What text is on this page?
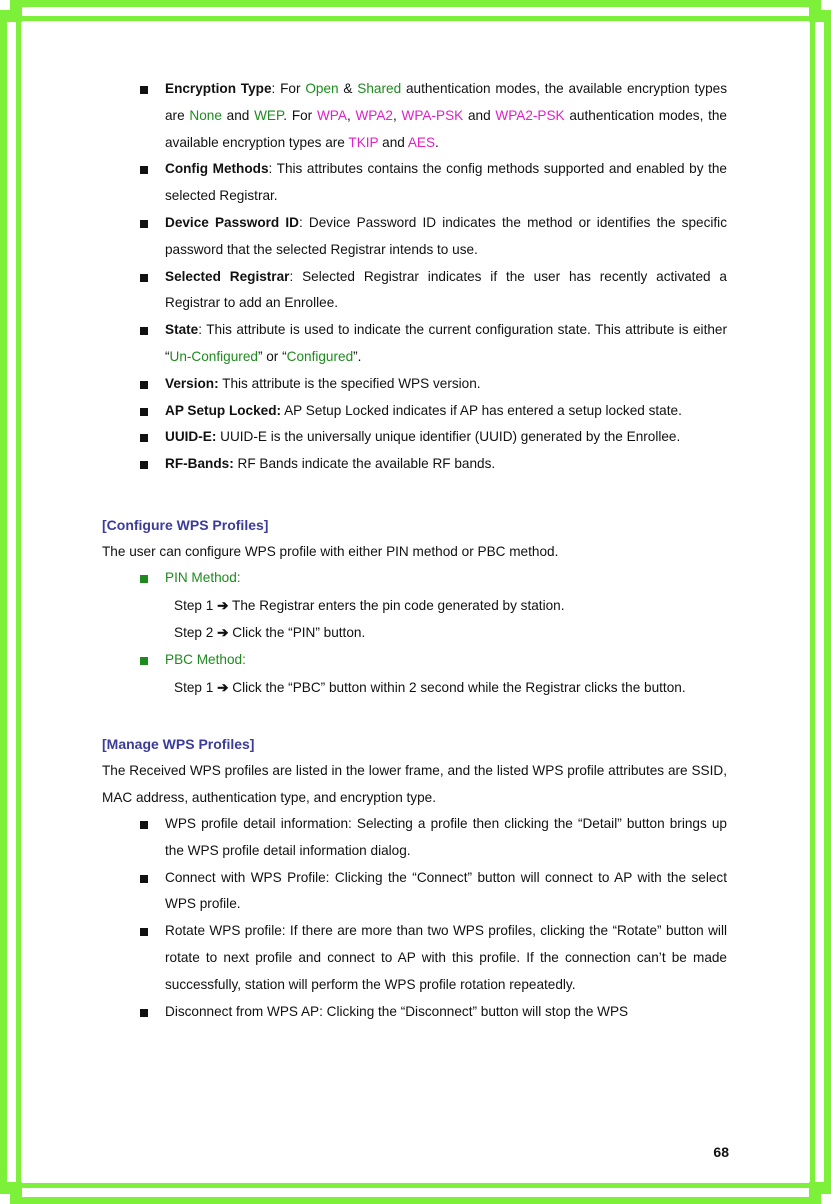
Encryption Type: For Open & Shared authentication modes, the available encryption types are None and WEP. For WPA, WPA2, WPA-PSK and WPA2-PSK authentication modes, the available encryption types are TKIP and AES.
Config Methods: This attributes contains the config methods supported and enabled by the selected Registrar.
Device Password ID: Device Password ID indicates the method or identifies the specific password that the selected Registrar intends to use.
Selected Registrar: Selected Registrar indicates if the user has recently activated a Registrar to add an Enrollee.
State: This attribute is used to indicate the current configuration state. This attribute is either “Un-Configured” or “Configured”.
Version: This attribute is the specified WPS version.
AP Setup Locked: AP Setup Locked indicates if AP has entered a setup locked state.
UUID-E: UUID-E is the universally unique identifier (UUID) generated by the Enrollee.
RF-Bands: RF Bands indicate the available RF bands.
[Configure WPS Profiles]
The user can configure WPS profile with either PIN method or PBC method.
PIN Method:
Step 1 ➔ The Registrar enters the pin code generated by station.
Step 2 ➔ Click the “PIN” button.
PBC Method:
Step 1 ➔ Click the “PBC” button within 2 second while the Registrar clicks the button.
[Manage WPS Profiles]
The Received WPS profiles are listed in the lower frame, and the listed WPS profile attributes are SSID, MAC address, authentication type, and encryption type.
WPS profile detail information: Selecting a profile then clicking the “Detail” button brings up the WPS profile detail information dialog.
Connect with WPS Profile: Clicking the “Connect” button will connect to AP with the select WPS profile.
Rotate WPS profile: If there are more than two WPS profiles, clicking the “Rotate” button will rotate to next profile and connect to AP with this profile. If the connection can’t be made successfully, station will perform the WPS profile rotation repeatedly.
Disconnect from WPS AP: Clicking the “Disconnect” button will stop the WPS
68
